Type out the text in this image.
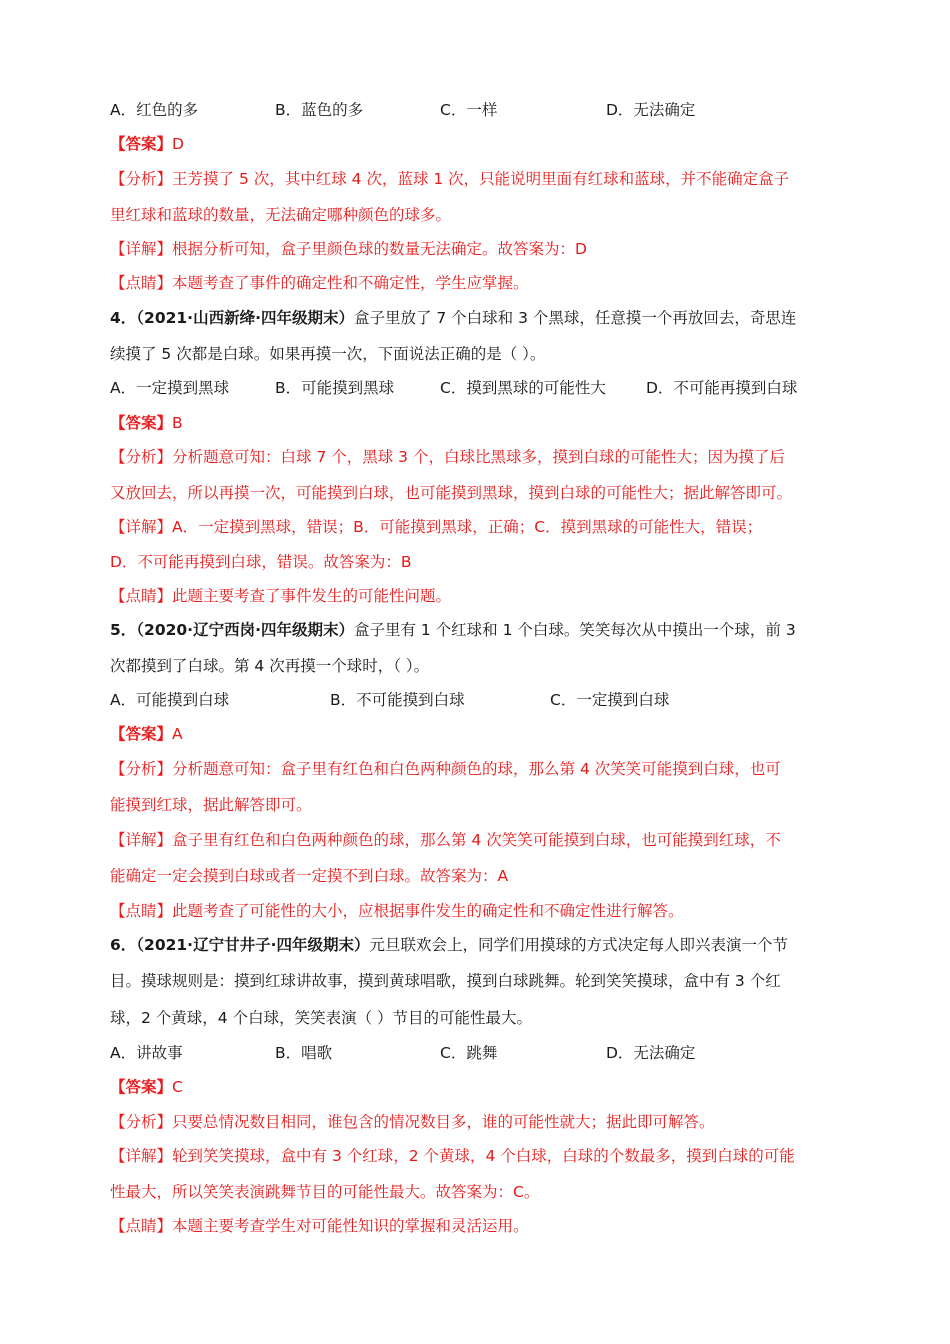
A．红色的多	B．蓝色的多	C．一样	D．无法确定
【答案】D
【分析】王芳摸了 5 次，其中红球 4 次，蓝球 1 次，只能说明里面有红球和蓝球，并不能确定盒子
里红球和蓝球的数量，无法确定哪种颜色的球多。
【详解】根据分析可知，盒子里颜色球的数量无法确定。故答案为：D
【点睛】本题考查了事件的确定性和不确定性，学生应掌握。
4．（2021·山西新绛·四年级期末）盒子里放了 7 个白球和 3 个黑球，任意摸一个再放回去，奇思连
续摸了 5 次都是白球。如果再摸一次，下面说法正确的是（ ）。
A．一定摸到黑球	B．可能摸到黑球	C．摸到黑球的可能性大	D．不可能再摸到白球
【答案】B
【分析】分析题意可知：白球 7 个，黑球 3 个，白球比黑球多，摸到白球的可能性大；因为摸了后
又放回去，所以再摸一次，可能摸到白球，也可能摸到黑球，摸到白球的可能性大；据此解答即可。
【详解】A．一定摸到黑球，错误；B．可能摸到黑球，正确；C．摸到黑球的可能性大，错误；
D．不可能再摸到白球，错误。故答案为：B
【点睛】此题主要考查了事件发生的可能性问题。
5．（2020·辽宁西岗·四年级期末）盒子里有 1 个红球和 1 个白球。笑笑每次从中摸出一个球，前 3
次都摸到了白球。第 4 次再摸一个球时，（ ）。
A．可能摸到白球	B．不可能摸到白球	C．一定摸到白球
【答案】A
【分析】分析题意可知：盒子里有红色和白色两种颜色的球，那么第 4 次笑笑可能摸到白球，也可
能摸到红球，据此解答即可。
【详解】盒子里有红色和白色两种颜色的球，那么第 4 次笑笑可能摸到白球，也可能摸到红球，不
能确定一定会摸到白球或者一定摸不到白球。故答案为：A
【点睛】此题考查了可能性的大小，应根据事件发生的确定性和不确定性进行解答。
6．（2021·辽宁甘井子·四年级期末）元旦联欢会上，同学们用摸球的方式决定每人即兴表演一个节
目。摸球规则是：摸到红球讲故事，摸到黄球唱歌，摸到白球跳舞。轮到笑笑摸球，盒中有 3 个红
球，2 个黄球，4 个白球，笑笑表演（ ）节目的可能性最大。
A．讲故事	B．唱歌	C．跳舞	D．无法确定
【答案】C
【分析】只要总情况数目相同，谁包含的情况数目多，谁的可能性就大；据此即可解答。
【详解】轮到笑笑摸球，盒中有 3 个红球，2 个黄球，4 个白球，白球的个数最多，摸到白球的可能
性最大，所以笑笑表演跳舞节目的可能性最大。故答案为：C。
【点睛】本题主要考查学生对可能性知识的掌握和灵活运用。
